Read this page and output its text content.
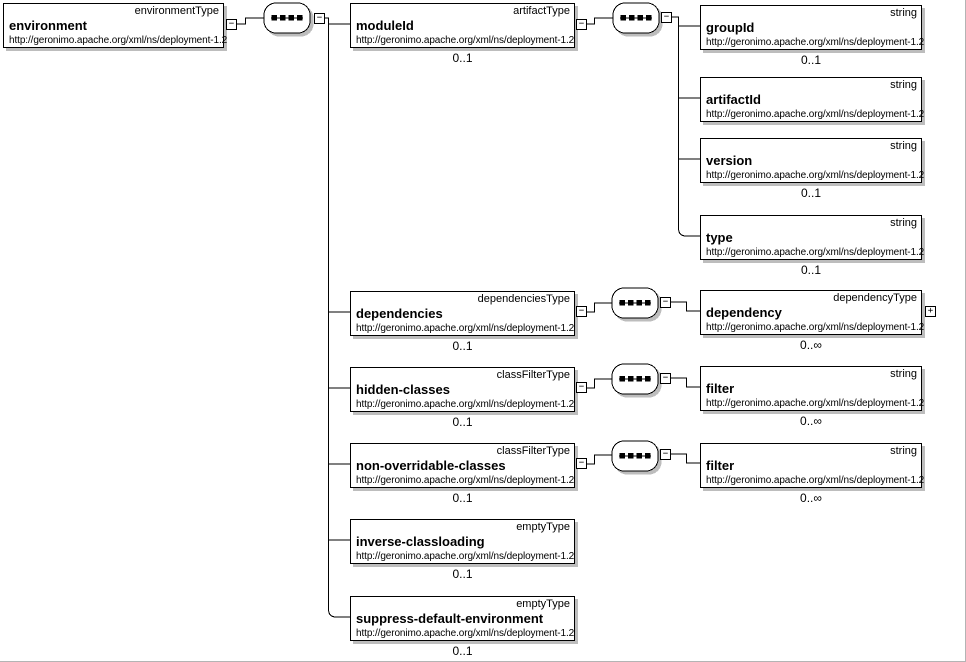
environmentType
environment
http://geronimo.apache.org/xml/ns/deployment-1.2
artifactType
moduleId
http://geronimo.apache.org/xml/ns/deployment-1.2
0..1
dependenciesType
dependencies
http://geronimo.apache.org/xml/ns/deployment-1.2
0..1
classFilterType
hidden-classes
http://geronimo.apache.org/xml/ns/deployment-1.2
0..1
classFilterType
non-overridable-classes
http://geronimo.apache.org/xml/ns/deployment-1.2
0..1
emptyType
inverse-classloading
http://geronimo.apache.org/xml/ns/deployment-1.2
0..1
emptyType
suppress-default-environment
http://geronimo.apache.org/xml/ns/deployment-1.2
0..1
string
groupId
http://geronimo.apache.org/xml/ns/deployment-1.2
0..1
string
artifactId
http://geronimo.apache.org/xml/ns/deployment-1.2
string
version
http://geronimo.apache.org/xml/ns/deployment-1.2
0..1
string
type
http://geronimo.apache.org/xml/ns/deployment-1.2
0..1
dependencyType
dependency
http://geronimo.apache.org/xml/ns/deployment-1.2
0..∞
string
filter
http://geronimo.apache.org/xml/ns/deployment-1.2
0..∞
string
filter
http://geronimo.apache.org/xml/ns/deployment-1.2
0..∞
−
−
−
−
−
−
−
−
−
−
+
